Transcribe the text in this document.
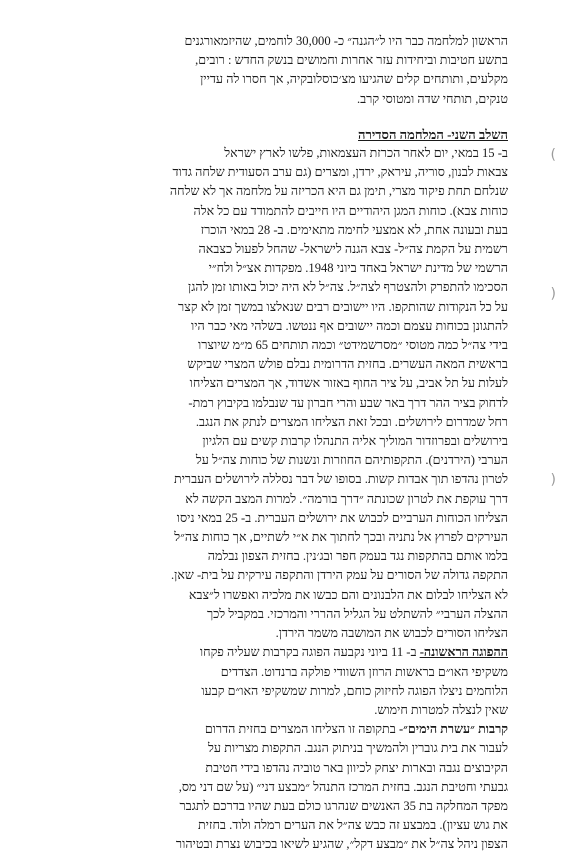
הראשון למלחמה כבר היו ל״הגנה״ כ- 30,000 לוחמים, שהיזמאורגנים
בתשע חטיבות וביחידות עזר אחרות וחמושים בנשק החדש : רובים,
מקלעים, ותותחים קלים שהגיעו מצ׳כוסלובקיה, אך חסרו לה עדיין
טנקים, תותחי שדה ומטוסי קרב.
השלב השני- המלחמה הסדירה
ב- 15 במאי, יום לאחר הכרזת העצמאות, פלשו לארץ ישראל
צבאות לבנון, סוריה, עיראק, ירדן, ומצרים (גם ערב הסעודית שלחה גדוד
שנלחם תחת פיקוד מצרי, תימן גם היא הכריזה על מלחמה אך לא שלחה
כוחות צבא). כוחות המגן היהודיים היו חייבים להתמודד עם כל אלה
בעת ובעונה אחת, לא אמצעי לחימה מתאימים. ב- 28 במאי הוכרז
רשמית על הקמת צה״ל- צבא הגנה לישראל- שהחל לפעול כצבאה
הרשמי של מדינת ישראל באחד ביוני 1948. מפקדות אצ״ל ולח״י
הסכימו להתפרק ולהצטרף לצה״ל. צה״ל לא היה יכול באותו זמן להגן
על כל הנקודות שהותקפו. היו יישובים רבים שנאלצו במשך זמן לא קצר
להתגונן בכוחות עצמם וכמה יישובים אף ננטשו. בשלהי מאי כבר היו
בידי צה״ל כמה מטוסי ״מסרשמידט״ וכמה תותחים 65 מ״מ שיוצרו
בראשית המאה העשרים. בחזית הדרומית נבלם פולש המצרי שביקש
לעלות על תל אביב, על ציר החוף באזור אשדוד, אך המצרים הצליחו
לדחוק בציר ההר דרך באר שבע והרי חברון עד שנבלמו בקיבוץ רמת-
רחל שמדרום לירושלים. ובכל זאת הצליחו המצרים לנתק את הנגב.
בירושלים ובפרוזדור המוליך אליה התנהלו קרבות קשים עם הלגיון
הערבי (הירדנים). התקפותיהם החוזרות ונשנות של כוחות צה״ל על
לטרון נהדפו תוך אבדות קשות. בסופו של דבר נסללה לירושלים העברית
דרך עוקפת את לטרון שכונתה ״דרך בורמה״. למרות המצב הקשה לא
הצליחו הכוחות הערביים לכבוש את ירושלים העברית. ב- 25 במאי ניסו
העירקים לפרוץ אל נתניה ובכך לחתוך את א״י לשתיים, אך כוחות צה״ל
בלמו אותם בהתקפות נגד בעמק חפר ובג׳נין. בחזית הצפון נבלמה
התקפה גדולה של הסורים על עמק הירדן והתקפה עירקית על בית- שאן.
לא הצליחו לבלום את הלבנונים והם כבשו את מלכיה ואפשרו ל״צבא
ההצלה הערבי״ להשתלט על הגליל ההררי והמרכזי. במקביל לכך
הצליחו הסורים לכבוש את המושבה משמר הירדן.
ההפוגה הראשונה- ב- 11 ביוני נקבעה הפוגה בקרבות שעליה פקחו
משקיפי האו״ם בראשות הרוזן השוודי פולקה ברנדוט. הצדדים
הלוחמים ניצלו הפוגה לחיזוק כוחם, למרות שמשקיפי האו״ם קבעו
שאין לנצלה למטרות חימוש.
קרבות ״עשרת הימים״- בתקופה זו הצליחו המצרים בחזית הדרום
לעבור את בית גוברין ולהמשיך בניתוק הנגב. התקפות מצריות על
הקיבוצים נגבה ובארות יצחק לכיוון באר טוביה נהדפו בידי חטיבת
גבעתי וחטיבת הנגב. בחזית המרכז התנהל ״מבצע דני״ (על שם דני מס,
מפקד המחלקה בת 35 האנשים שנהרגו כולם בעת שהיו בדרכם לתגבר
את גוש עציון). במבצע זה כבש צה״ל את הערים רמלה ולוד. בחזית
הצפון ניהל צה״ל את ״מבצע דקל״, שהגיע לשיאו בכיבוש נצרת ובטיהור
(
)
)
